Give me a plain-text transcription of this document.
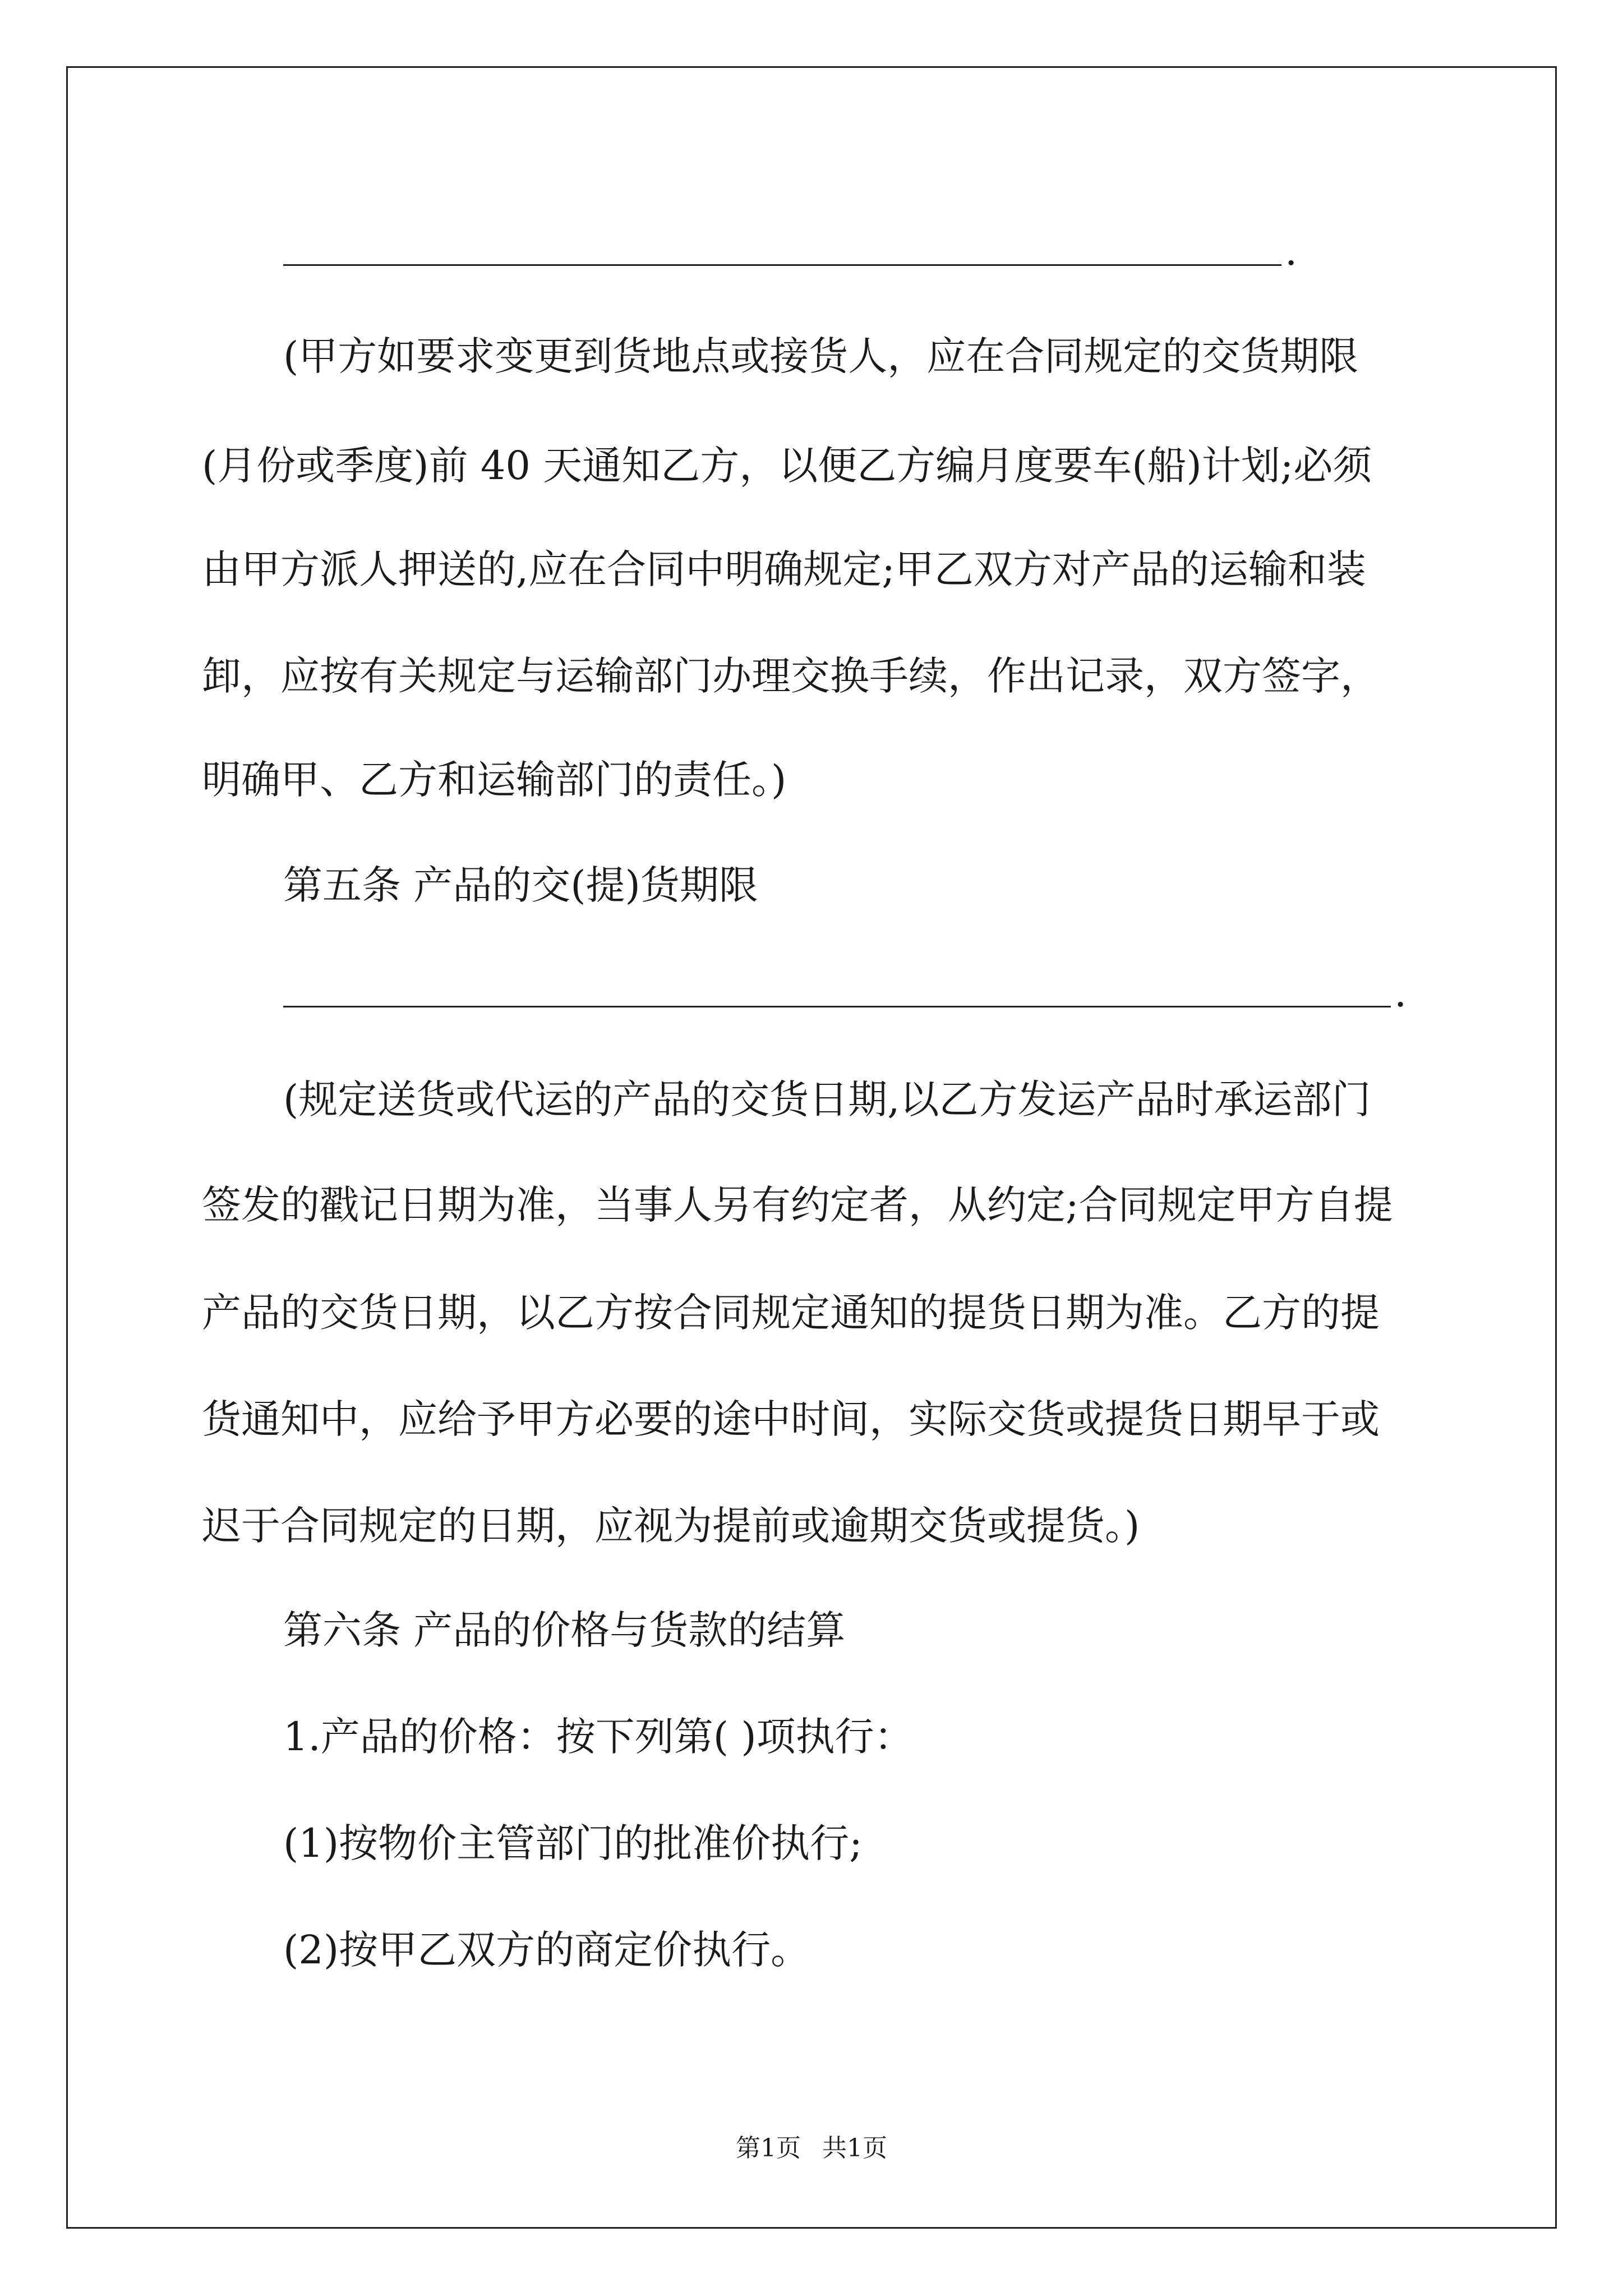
.
(甲方如要求变更到货地点或接货人，应在合同规定的交货期限
(月份或季度)前 40 天通知乙方，以便乙方编月度要车(船)计划;必须
由甲方派人押送的,应在合同中明确规定;甲乙双方对产品的运输和装
卸，应按有关规定与运输部门办理交换手续，作出记录，双方签字，
明确甲、乙方和运输部门的责任。)
第五条 产品的交(提)货期限
.
(规定送货或代运的产品的交货日期,以乙方发运产品时承运部门
签发的戳记日期为准，当事人另有约定者，从约定;合同规定甲方自提
产品的交货日期，以乙方按合同规定通知的提货日期为准。乙方的提
货通知中，应给予甲方必要的途中时间，实际交货或提货日期早于或
迟于合同规定的日期，应视为提前或逾期交货或提货。)
第六条 产品的价格与货款的结算
1.产品的价格：按下列第( )项执行：
(1)按物价主管部门的批准价执行;
(2)按甲乙双方的商定价执行。
第1页 共1页
